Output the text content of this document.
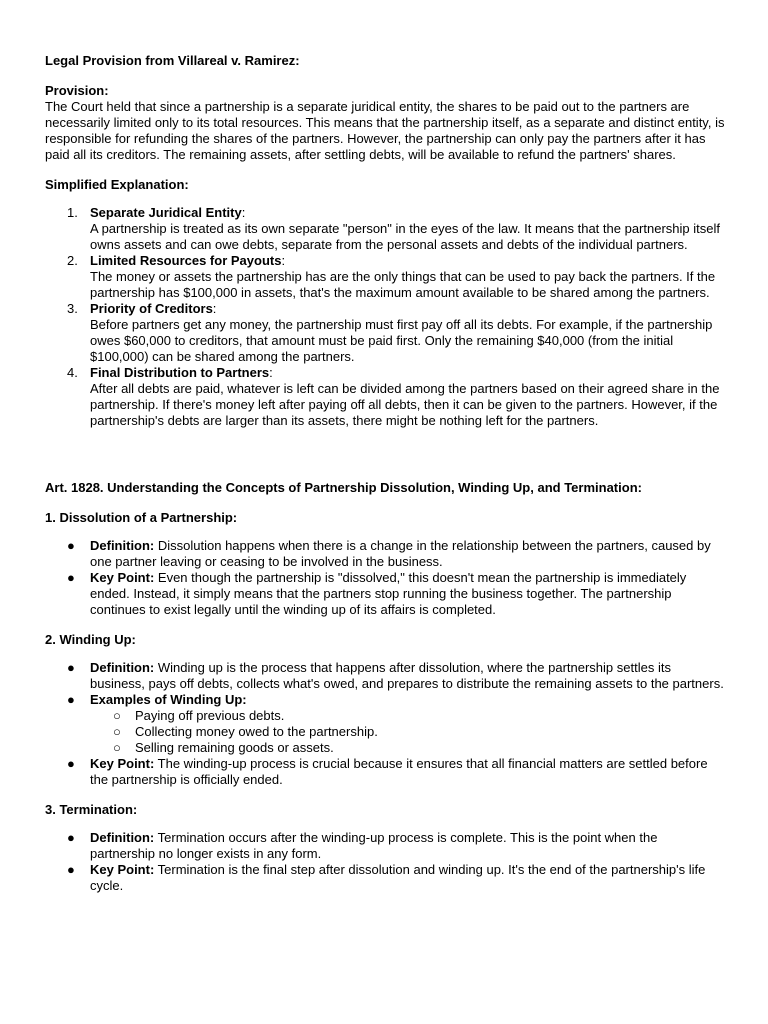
Legal Provision from Villareal v. Ramirez:

Provision:

The Court held that since a partnership is a separate juridical entity, the shares to be paid out to the partners are necessarily limited only to its total resources. This means that the partnership itself, as a separate and distinct entity, is responsible for refunding the shares of the partners. However, the partnership can only pay the partners after it has paid all its creditors. The remaining assets, after settling debts, will be available to refund the partners' shares.

Simplified Explanation:

1. Separate Juridical Entity:
A partnership is treated as its own separate "person" in the eyes of the law. It means that the partnership itself owns assets and can owe debts, separate from the personal assets and debts of the individual partners.
2. Limited Resources for Payouts:
The money or assets the partnership has are the only things that can be used to pay back the partners. If the partnership has $100,000 in assets, that's the maximum amount available to be shared among the partners.
3. Priority of Creditors:
Before partners get any money, the partnership must first pay off all its debts. For example, if the partnership owes $60,000 to creditors, that amount must be paid first. Only the remaining $40,000 (from the initial $100,000) can be shared among the partners.
4. Final Distribution to Partners:
After all debts are paid, whatever is left can be divided among the partners based on their agreed share in the partnership. If there's money left after paying off all debts, then it can be given to the partners. However, if the partnership's debts are larger than its assets, there might be nothing left for the partners.

Art. 1828. Understanding the Concepts of Partnership Dissolution, Winding Up, and Termination:

1. Dissolution of a Partnership:

● Definition: Dissolution happens when there is a change in the relationship between the partners, caused by one partner leaving or ceasing to be involved in the business.
● Key Point: Even though the partnership is "dissolved," this doesn't mean the partnership is immediately ended. Instead, it simply means that the partners stop running the business together. The partnership continues to exist legally until the winding up of its affairs is completed.

2. Winding Up:

● Definition: Winding up is the process that happens after dissolution, where the partnership settles its business, pays off debts, collects what's owed, and prepares to distribute the remaining assets to the partners.
● Examples of Winding Up:
○ Paying off previous debts.
○ Collecting money owed to the partnership.
○ Selling remaining goods or assets.
● Key Point: The winding-up process is crucial because it ensures that all financial matters are settled before the partnership is officially ended.

3. Termination:

● Definition: Termination occurs after the winding-up process is complete. This is the point when the partnership no longer exists in any form.
● Key Point: Termination is the final step after dissolution and winding up. It's the end of the partnership's life cycle.
